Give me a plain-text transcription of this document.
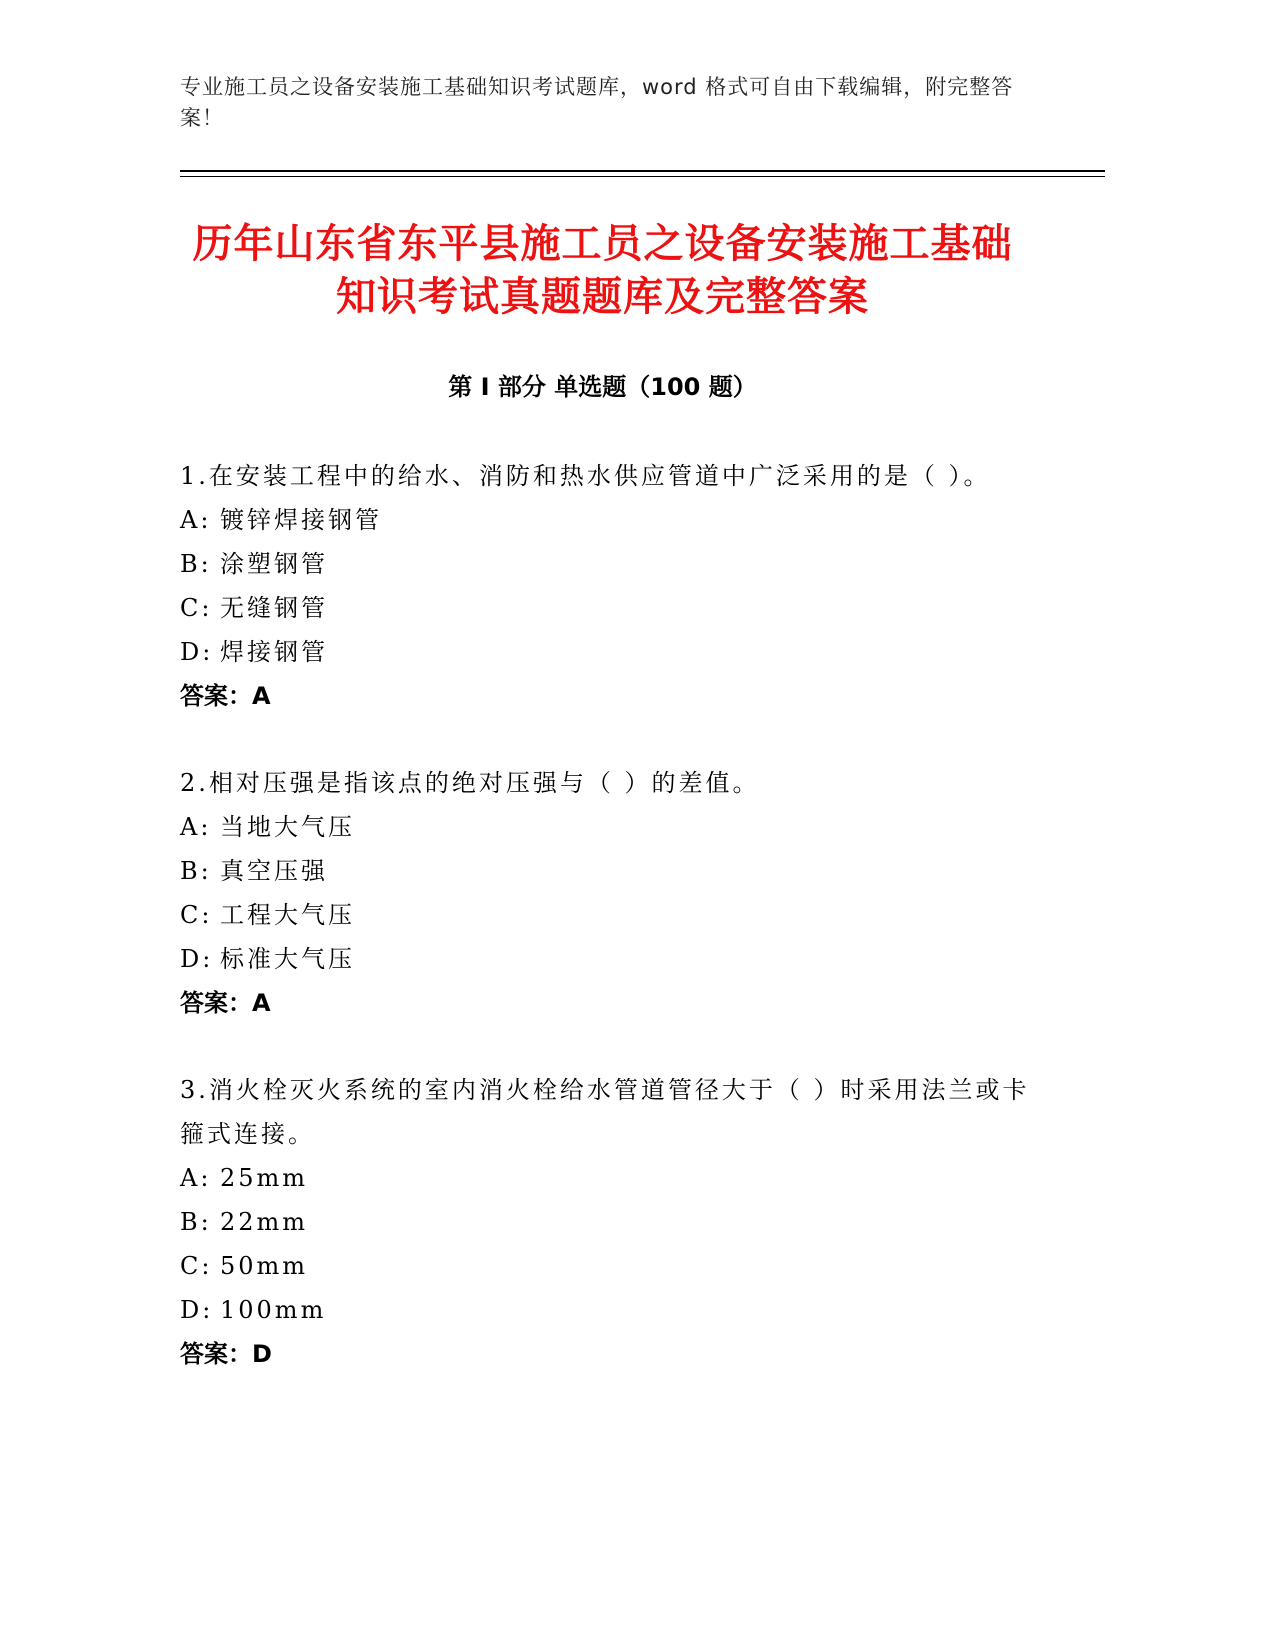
专业施工员之设备安装施工基础知识考试题库，word 格式可自由下载编辑，附完整答案！
历年山东省东平县施工员之设备安装施工基础知识考试真题题库及完整答案
第 I 部分 单选题（100 题）

1.在安装工程中的给水、消防和热水供应管道中广泛采用的是（ ）。

A: 镀锌焊接钢管

B: 涂塑钢管

C: 无缝钢管

D: 焊接钢管

答案：A

2.相对压强是指该点的绝对压强与（ ）的差值。

A: 当地大气压

B: 真空压强

C: 工程大气压

D: 标准大气压

答案：A

3.消火栓灭火系统的室内消火栓给水管道管径大于（ ）时采用法兰或卡箍式连接。

A: 25mm

B: 22mm

C: 50mm

D: 100mm

答案：D
